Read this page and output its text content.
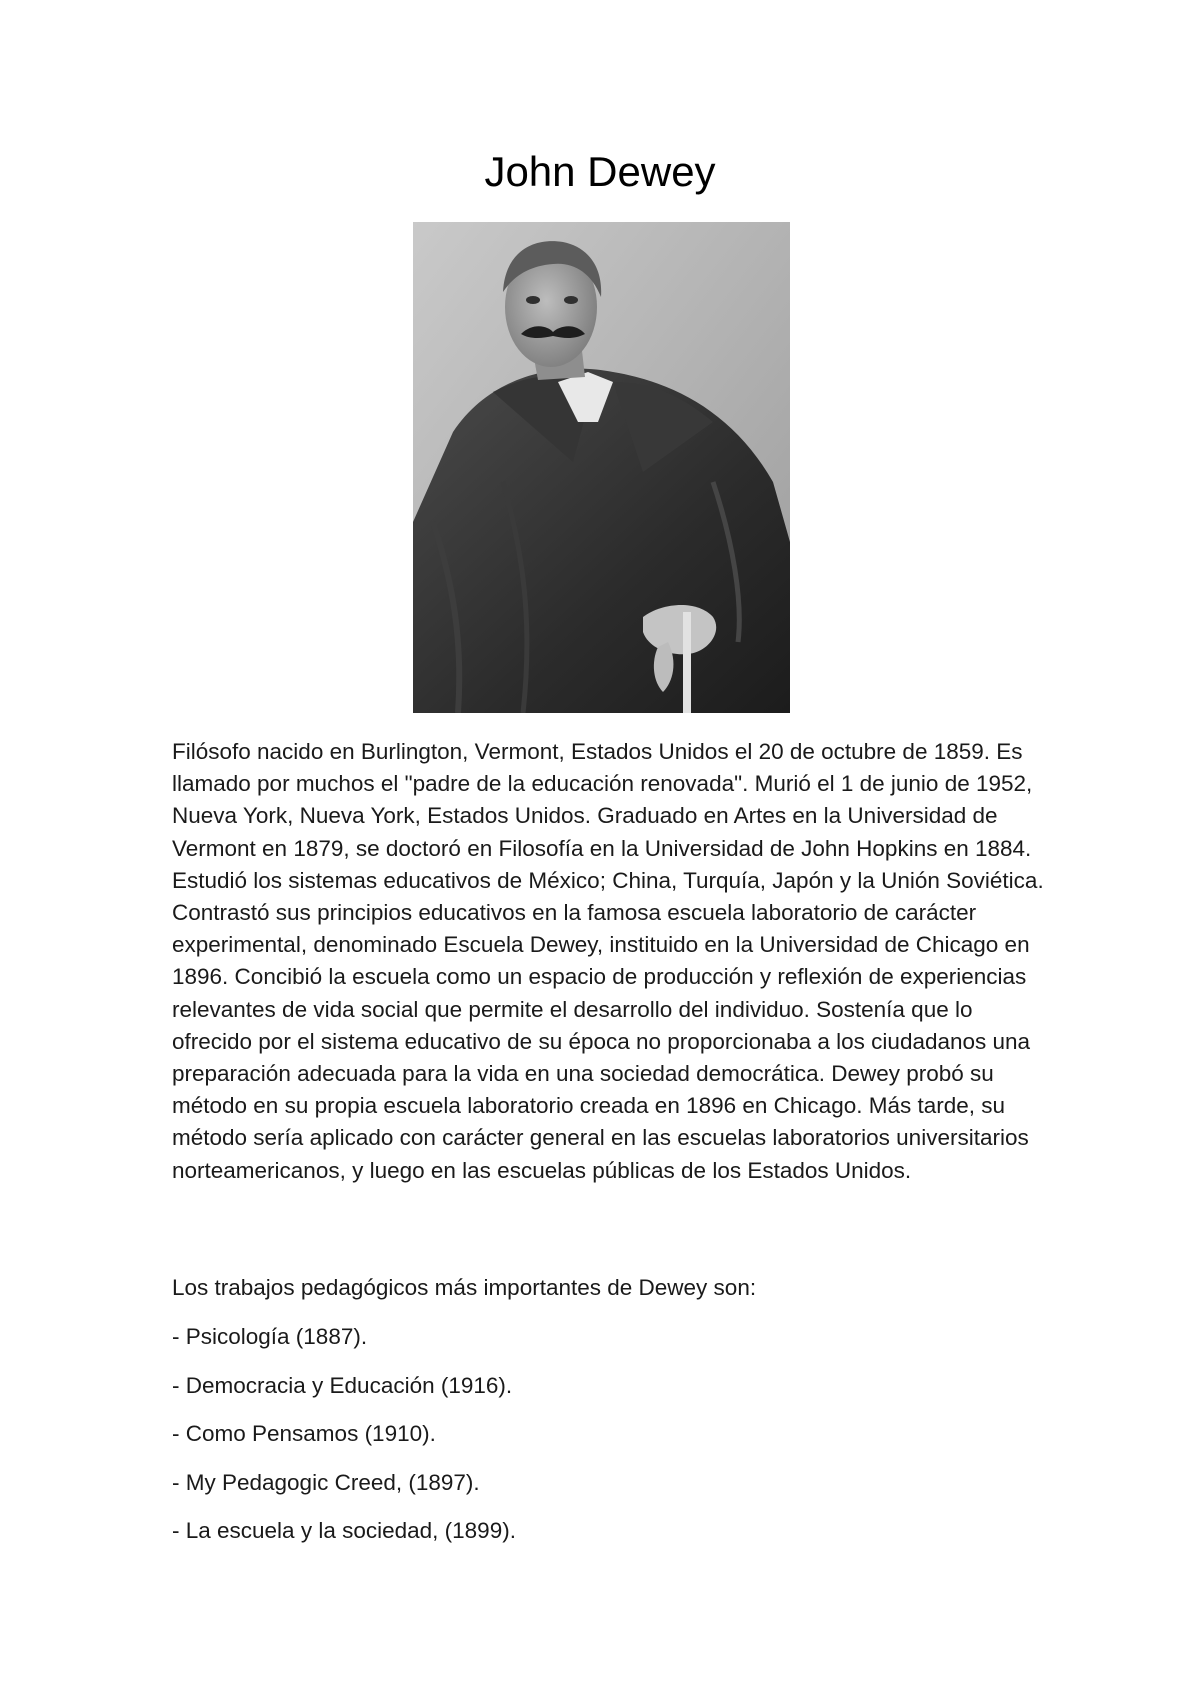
John Dewey

Filósofo nacido en Burlington, Vermont, Estados Unidos el 20 de octubre de 1859. Es llamado por muchos el "padre de la educación renovada". Murió el 1 de junio de 1952, Nueva York, Nueva York, Estados Unidos. Graduado en Artes en la Universidad de Vermont en 1879, se doctoró en Filosofía en la Universidad de John Hopkins en 1884. Estudió los sistemas educativos de México; China, Turquía, Japón y la Unión Soviética. Contrastó sus principios educativos en la famosa escuela laboratorio de carácter experimental, denominado Escuela Dewey, instituido en la Universidad de Chicago en 1896. Concibió la escuela como un espacio de producción y reflexión de experiencias relevantes de vida social que permite el desarrollo del individuo. Sostenía que lo ofrecido por el sistema educativo de su época no proporcionaba a los ciudadanos una preparación adecuada para la vida en una sociedad democrática. Dewey probó su método en su propia escuela laboratorio creada en 1896 en Chicago. Más tarde, su método sería aplicado con carácter general en las escuelas laboratorios universitarios norteamericanos, y luego en las escuelas públicas de los Estados Unidos.

Los trabajos pedagógicos más importantes de Dewey son:

- Psicología (1887).
- Democracia y Educación (1916).
- Como Pensamos (1910).
- My Pedagogic Creed, (1897).
- La escuela y la sociedad, (1899).
